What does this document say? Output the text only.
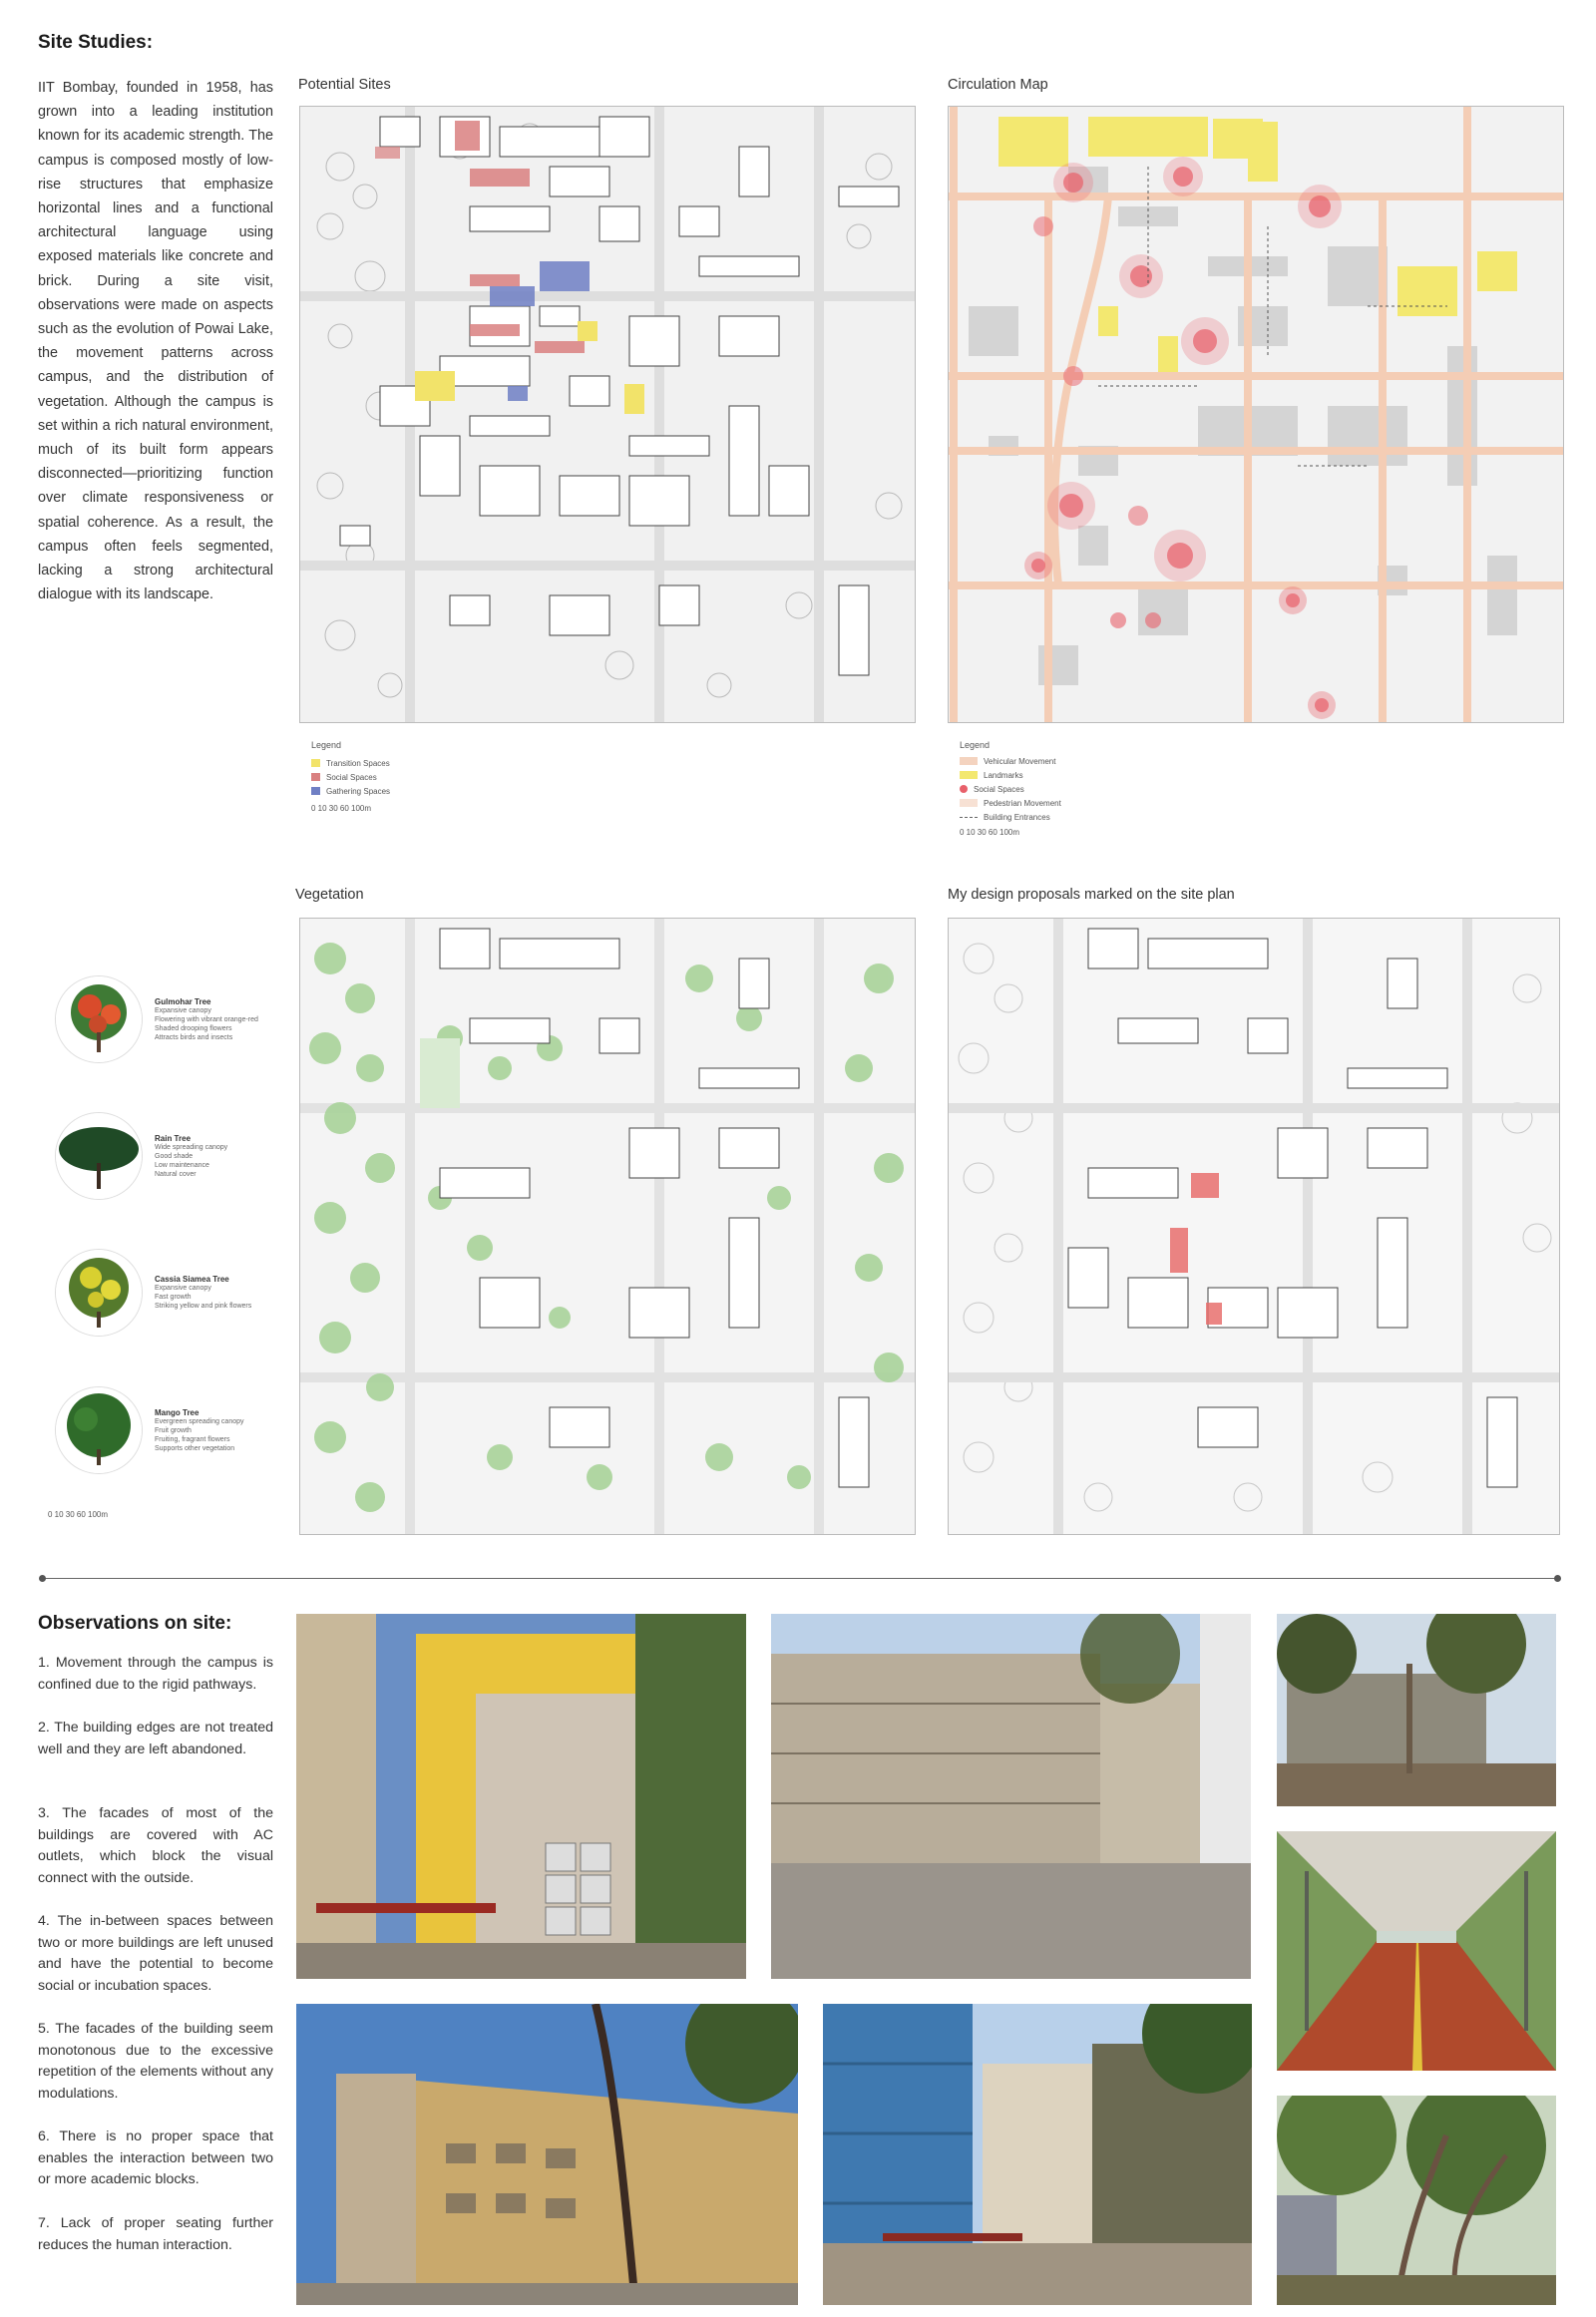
Site Studies:
IIT Bombay, founded in 1958, has grown into a leading institution known for its academic strength. The campus is composed mostly of low-rise structures that emphasize horizontal lines and a functional architectural language using exposed materials like concrete and brick. During a site visit, observations were made on aspects such as the evolution of Powai Lake, the movement patterns across campus, and the distribution of vegetation. Although the campus is set within a rich natural environment, much of its built form appears disconnected—prioritizing function over climate responsiveness or spatial coherence. As a result, the campus often feels segmented, lacking a strong architectural dialogue with its landscape.
Potential Sites	Circulation Map
Vegetation	My design proposals marked on the site plan
Legend
Transition Spaces
Social Spaces
Gathering Spaces
0 10 30 60 100m
Legend
Vehicular Movement
Landmarks
Social Spaces
Pedestrian Movement
Building Entrances
0 10 30 60 100m
Gulmohar Tree
Expansive canopy
Flowering with vibrant orange-red
Shaded drooping flowers
Attracts birds and insects
Rain Tree
Wide spreading canopy
Good shade
Low maintenance
Natural cover
Cassia Siamea Tree
Expansive canopy
Fast growth
Striking yellow and pink flowers
Mango Tree
Evergreen spreading canopy
Fruit growth
Fruiting, fragrant flowers
Supports other vegetation
0 10 30 60 100m
Observations on site:
1. Movement through the campus is confined due to the rigid pathways.
2. The building edges are not treated well and they are left abandoned.
3. The facades of most of the buildings are covered with AC outlets, which block the visual connect with the outside.
4. The in-between spaces between two or more buildings are left unused and have the potential to become social or incubation spaces.
5. The facades of the building seem monotonous due to the excessive repetition of the elements without any modulations.
6. There is no proper space that enables the interaction between two or more academic blocks.
7. Lack of proper seating further reduces the human interaction.
